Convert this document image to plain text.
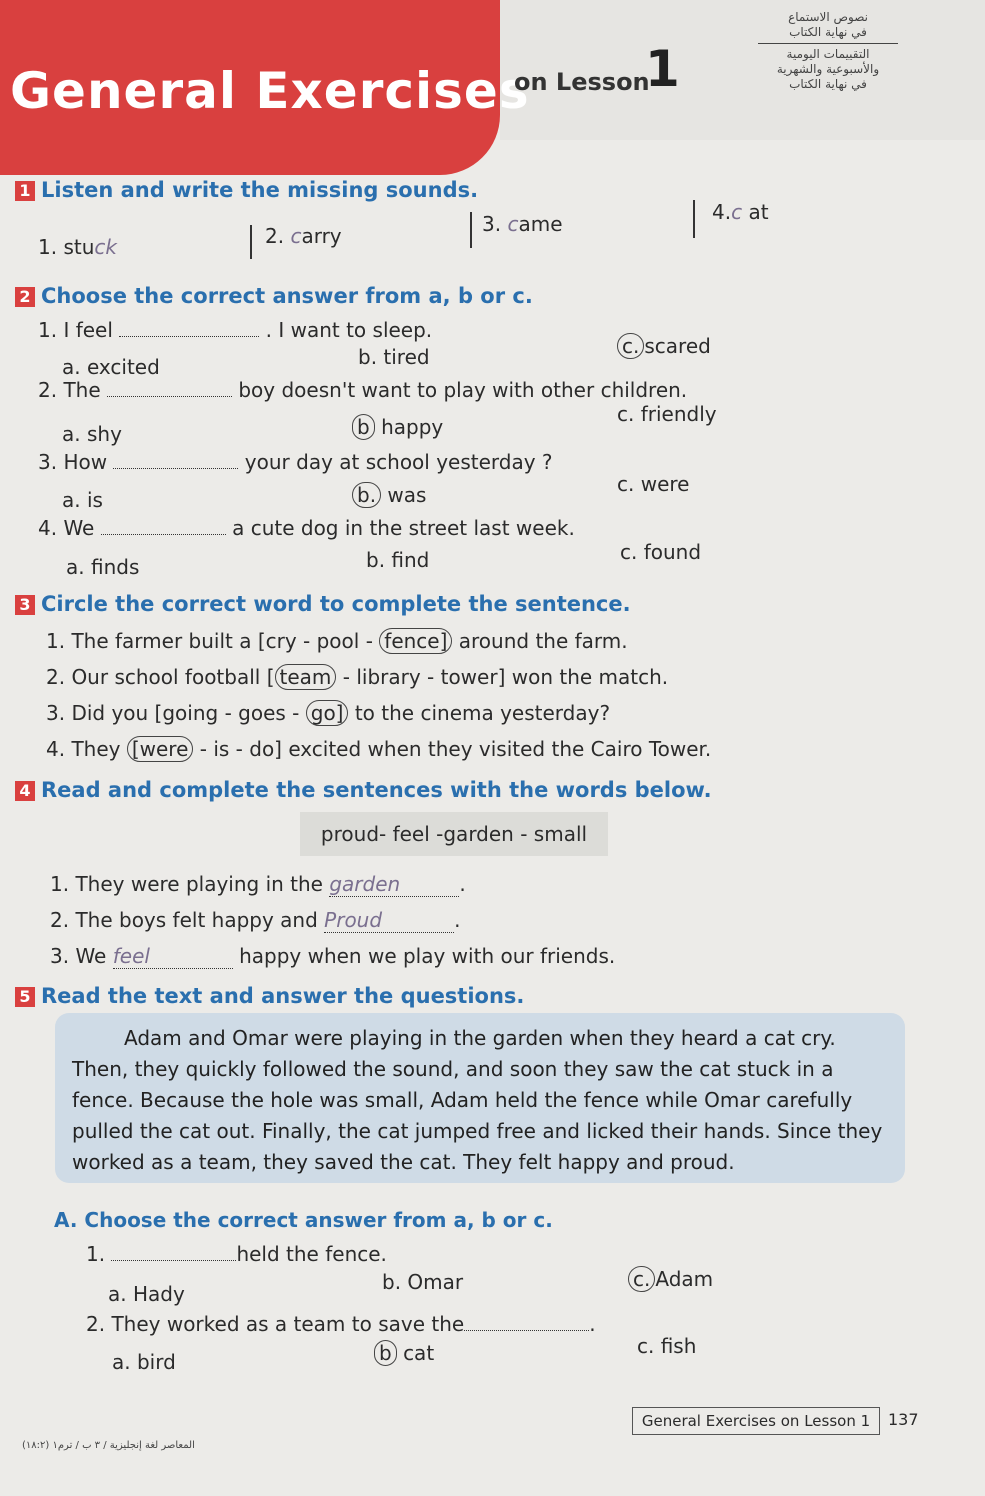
General Exercises
on Lesson
1
نصوص الاستماع
في نهاية الكتاب
التقييمات اليومية
والأسبوعية والشهرية
في نهاية الكتاب
1 Listen and write the missing sounds.
1. stuck	2. carry	3. came	4.c at
2 Choose the correct answer from a, b or c.
1. I feel	. I want to sleep.
a. excited	b. tired	c. scared
2. The	boy doesn't want to play with other children.
a. shy	b happy
c. friendly
3. How	your day at school yesterday ?
a. is	b. was	c. were
4. We	a cute dog in the street last week.
a. finds	b. find	c. found
3 Circle the correct word to complete the sentence.
1. The farmer built a [cry - pool - fence] around the farm.
2. Our school football [ team - library - tower] won the match.
3. Did you [going - goes - go] to the cinema yesterday?
4. They [were - is - do] excited when they visited the Cairo Tower.
4 Read and complete the sentences with the words below.
proud- feel -garden - small
1. They were playing in the garden	.
2. The boys felt happy and Proud	.
3. We feel	happy when we play with our friends.
5 Read the text and answer the questions.
Adam and Omar were playing in the garden when they heard a cat cry.
Then, they quickly followed the sound, and soon they saw the cat stuck in a
fence. Because the hole was small, Adam held the fence while Omar carefully
pulled the cat out. Finally, the cat jumped free and licked their hands. Since they
worked as a team, they saved the cat. They felt happy and proud.
A. Choose the correct answer from a, b or c.
1.	held the fence.
a. Hady	b. Omar	c. Adam
2. They worked as a team to save the	.
a. bird	b cat	c. fish
General Exercises on Lesson 1	137
المعاصر لغة إنجليزية / ٣ ب / ترم١ (١٨:٢)
